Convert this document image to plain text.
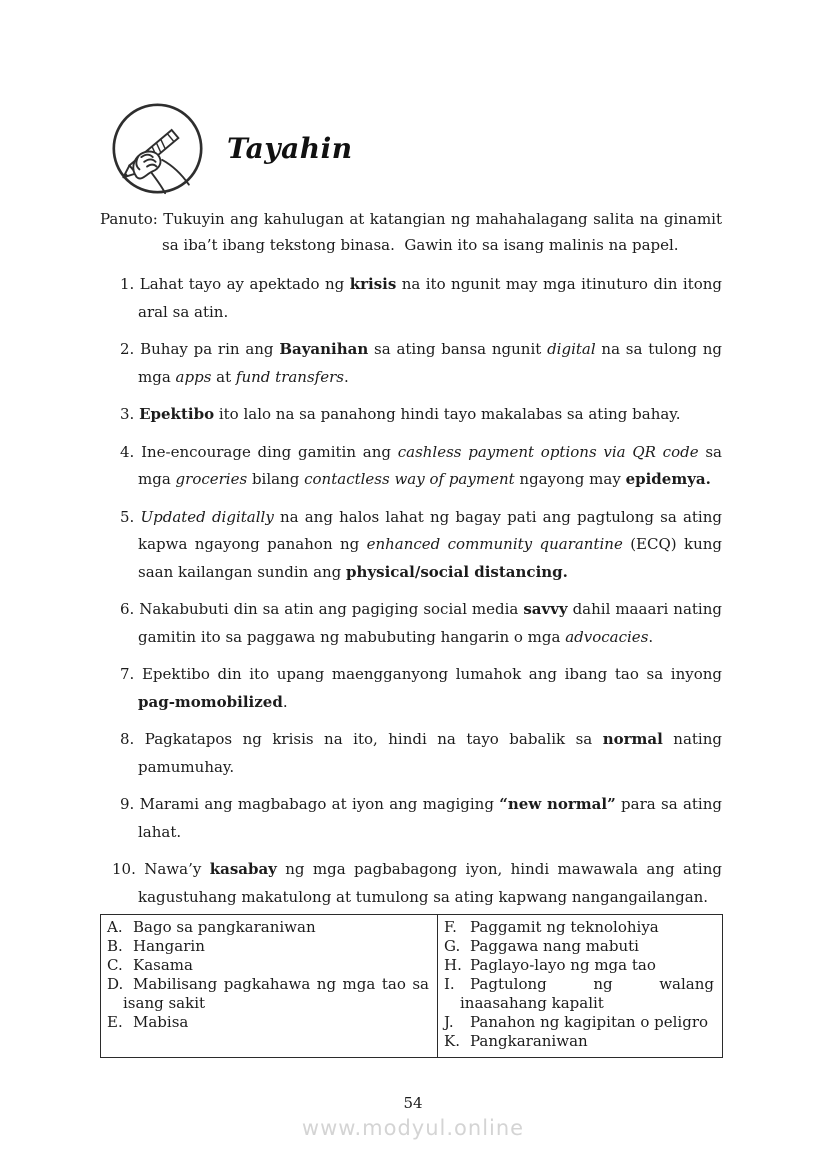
Tayahin

Panuto: Tukuyin ang kahulugan at katangian ng mahahalagang salita na ginamit sa iba’t ibang tekstong binasa.  Gawin ito sa isang malinis na papel.

1. Lahat tayo ay apektado ng krisis na ito ngunit may mga itinuturo din itong aral sa atin.

2. Buhay pa rin ang Bayanihan sa ating bansa ngunit digital na sa tulong ng mga apps at fund transfers.

3. Epektibo ito lalo na sa panahong hindi tayo makalabas sa ating bahay.

4. Ine-encourage ding gamitin ang cashless payment options via QR code sa mga groceries bilang contactless way of payment ngayong may epidemya.

5. Updated digitally na ang halos lahat ng bagay pati ang pagtulong sa ating kapwa ngayong panahon ng enhanced community quarantine (ECQ) kung saan kailangan sundin ang physical/social distancing.

6. Nakabubuti din sa atin ang pagiging social media savvy dahil maaari nating gamitin ito sa paggawa ng mabubuting hangarin o mga advocacies.

7. Epektibo din ito upang maengganyong lumahok ang ibang tao sa inyong pag-momobilized.

8. Pagkatapos ng krisis na ito, hindi na tayo babalik sa normal nating pamumuhay.

9. Marami ang magbabago at iyon ang magiging “new normal” para sa ating lahat.

10. Nawa’y kasabay ng mga pagbabagong iyon, hindi mawawala ang ating kagustuhang makatulong at tumulong sa ating kapwang nangangailangan.

A. Bago sa pangkaraniwan
B. Hangarin
C. Kasama
D. Mabilisang pagkahawa ng mga tao sa isang sakit
E. Mabisa

F. Paggamit ng teknolohiya
G. Paggawa nang mabuti
H. Paglayo-layo ng mga tao
I. Pagtulong ng walang inaasahang kapalit
J. Panahon ng kagipitan o peligro
K. Pangkaraniwan
54
www.modyul.online
